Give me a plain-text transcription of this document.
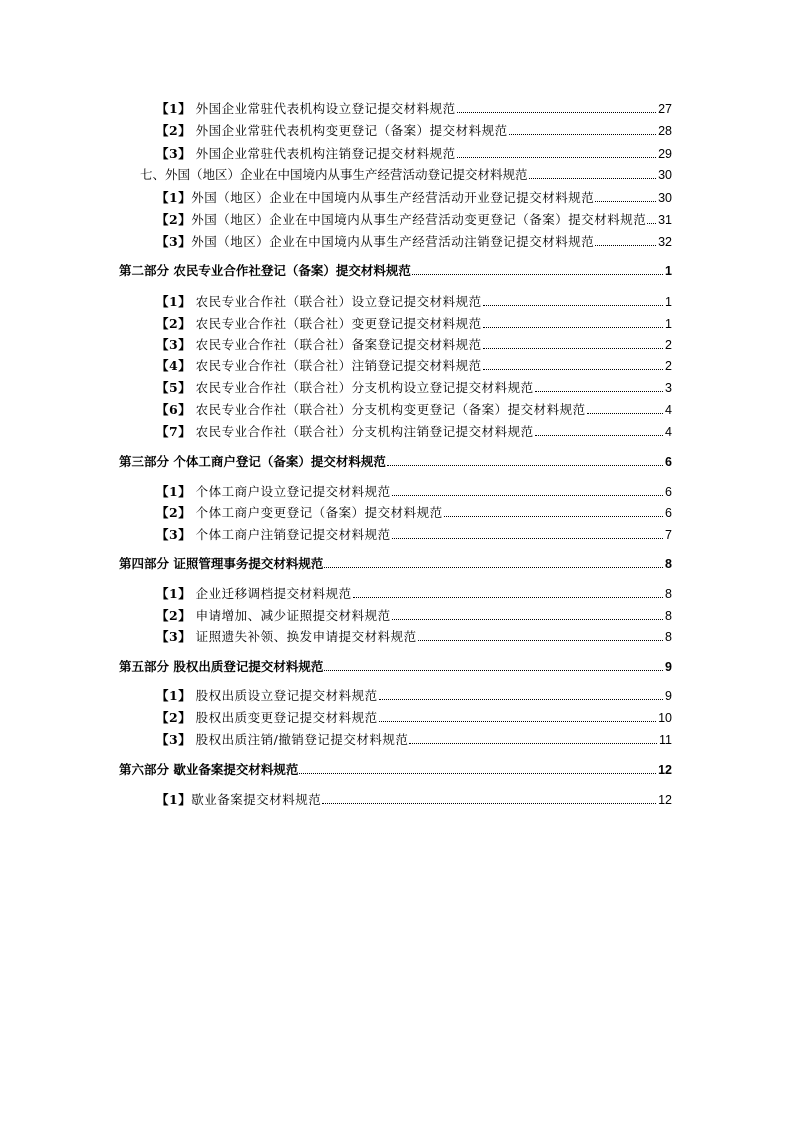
【1】 外国企业常驻代表机构设立登记提交材料规范	27
【2】 外国企业常驻代表机构变更登记（备案）提交材料规范	28
【3】 外国企业常驻代表机构注销登记提交材料规范	29
七、外国（地区）企业在中国境内从事生产经营活动登记提交材料规范	30
【1】外国（地区）企业在中国境内从事生产经营活动开业登记提交材料规范	30
【2】外国（地区）企业在中国境内从事生产经营活动变更登记（备案）提交材料规范 31
【3】外国（地区）企业在中国境内从事生产经营活动注销登记提交材料规范	32
第二部分 农民专业合作社登记（备案）提交材料规范	1
【1】 农民专业合作社（联合社）设立登记提交材料规范	1
【2】 农民专业合作社（联合社）变更登记提交材料规范	1
【3】 农民专业合作社（联合社）备案登记提交材料规范	2
【4】 农民专业合作社（联合社）注销登记提交材料规范	2
【5】 农民专业合作社（联合社）分支机构设立登记提交材料规范	3
【6】 农民专业合作社（联合社）分支机构变更登记（备案）提交材料规范	4
【7】 农民专业合作社（联合社）分支机构注销登记提交材料规范	4
第三部分 个体工商户登记（备案）提交材料规范	6
【1】 个体工商户设立登记提交材料规范	6
【2】 个体工商户变更登记（备案）提交材料规范	6
【3】 个体工商户注销登记提交材料规范	7
第四部分 证照管理事务提交材料规范	8
【1】 企业迁移调档提交材料规范	8
【2】 申请增加、减少证照提交材料规范	8
【3】 证照遗失补领、换发申请提交材料规范	8
第五部分 股权出质登记提交材料规范	9
【1】 股权出质设立登记提交材料规范	9
【2】 股权出质变更登记提交材料规范	10
【3】 股权出质注销/撤销登记提交材料规范	11
第六部分 歇业备案提交材料规范	12
【1】歇业备案提交材料规范	12
